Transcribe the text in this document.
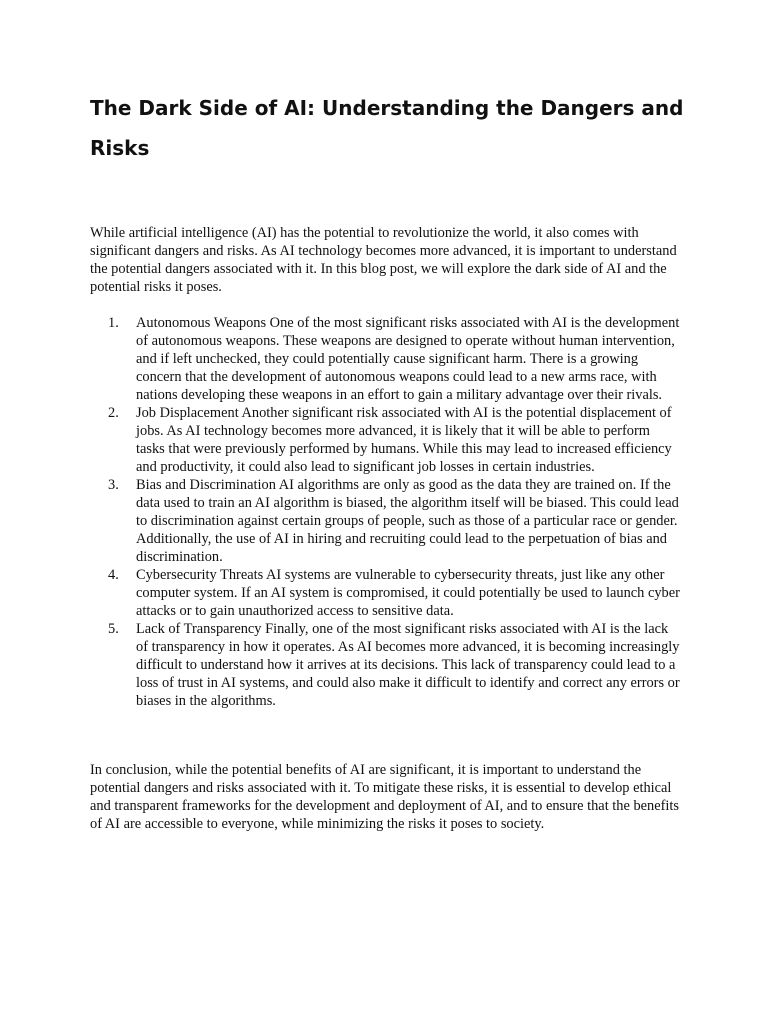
The Dark Side of AI: Understanding the Dangers and Risks

While artificial intelligence (AI) has the potential to revolutionize the world, it also comes with significant dangers and risks. As AI technology becomes more advanced, it is important to understand the potential dangers associated with it. In this blog post, we will explore the dark side of AI and the potential risks it poses.

1. Autonomous Weapons One of the most significant risks associated with AI is the development of autonomous weapons. These weapons are designed to operate without human intervention, and if left unchecked, they could potentially cause significant harm. There is a growing concern that the development of autonomous weapons could lead to a new arms race, with nations developing these weapons in an effort to gain a military advantage over their rivals.
2. Job Displacement Another significant risk associated with AI is the potential displacement of jobs. As AI technology becomes more advanced, it is likely that it will be able to perform tasks that were previously performed by humans. While this may lead to increased efficiency and productivity, it could also lead to significant job losses in certain industries.
3. Bias and Discrimination AI algorithms are only as good as the data they are trained on. If the data used to train an AI algorithm is biased, the algorithm itself will be biased. This could lead to discrimination against certain groups of people, such as those of a particular race or gender. Additionally, the use of AI in hiring and recruiting could lead to the perpetuation of bias and discrimination.
4. Cybersecurity Threats AI systems are vulnerable to cybersecurity threats, just like any other computer system. If an AI system is compromised, it could potentially be used to launch cyber attacks or to gain unauthorized access to sensitive data.
5. Lack of Transparency Finally, one of the most significant risks associated with AI is the lack of transparency in how it operates. As AI becomes more advanced, it is becoming increasingly difficult to understand how it arrives at its decisions. This lack of transparency could lead to a loss of trust in AI systems, and could also make it difficult to identify and correct any errors or biases in the algorithms.

In conclusion, while the potential benefits of AI are significant, it is important to understand the potential dangers and risks associated with it. To mitigate these risks, it is essential to develop ethical and transparent frameworks for the development and deployment of AI, and to ensure that the benefits of AI are accessible to everyone, while minimizing the risks it poses to society.
